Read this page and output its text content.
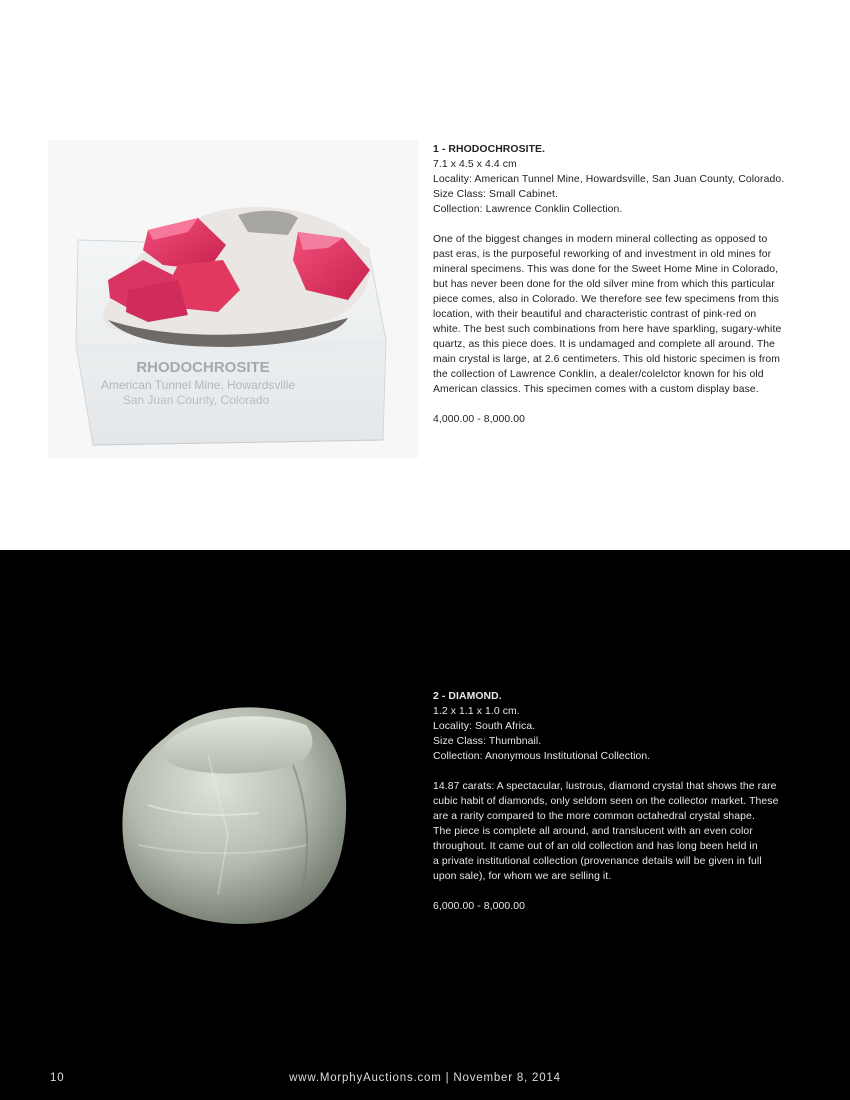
RHODOCHROSITE
American Tunnel Mine, Howardsville
San Juan County, Colorado

1 - RHODOCHROSITE.

7.1 x 4.5 x 4.4 cm

Locality: American Tunnel Mine, Howardsville, San Juan County, Colorado.

Size Class: Small Cabinet.

Collection: Lawrence Conklin Collection.

One of the biggest changes in modern mineral collecting as opposed to

past eras, is the purposeful reworking of and investment in old mines for

mineral specimens. This was done for the Sweet Home Mine in Colorado,

but has never been done for the old silver mine from which this particular

piece comes, also in Colorado. We therefore see few specimens from this

location, with their beautiful and characteristic contrast of pink-red on

white. The best such combinations from here have sparkling, sugary-white

quartz, as this piece does. It is undamaged and complete all around. The

main crystal is large, at 2.6 centimeters. This old historic specimen is from

the collection of Lawrence Conklin, a dealer/colelctor known for his old

American classics. This specimen comes with a custom display base.

4,000.00 - 8,000.00

2 - DIAMOND.

1.2 x 1.1 x 1.0 cm.

Locality: South Africa.

Size Class: Thumbnail.

Collection: Anonymous Institutional Collection.

14.87 carats: A spectacular, lustrous, diamond crystal that shows the rare

cubic habit of diamonds, only seldom seen on the collector market. These

are a rarity compared to the more common octahedral crystal shape.

The piece is complete all around, and translucent with an even color

throughout. It came out of an old collection and has long been held in

a private institutional collection (provenance details will be given in full

upon sale), for whom we are selling it.

6,000.00 - 8,000.00

10	www.MorphyAuctions.com | November 8, 2014
